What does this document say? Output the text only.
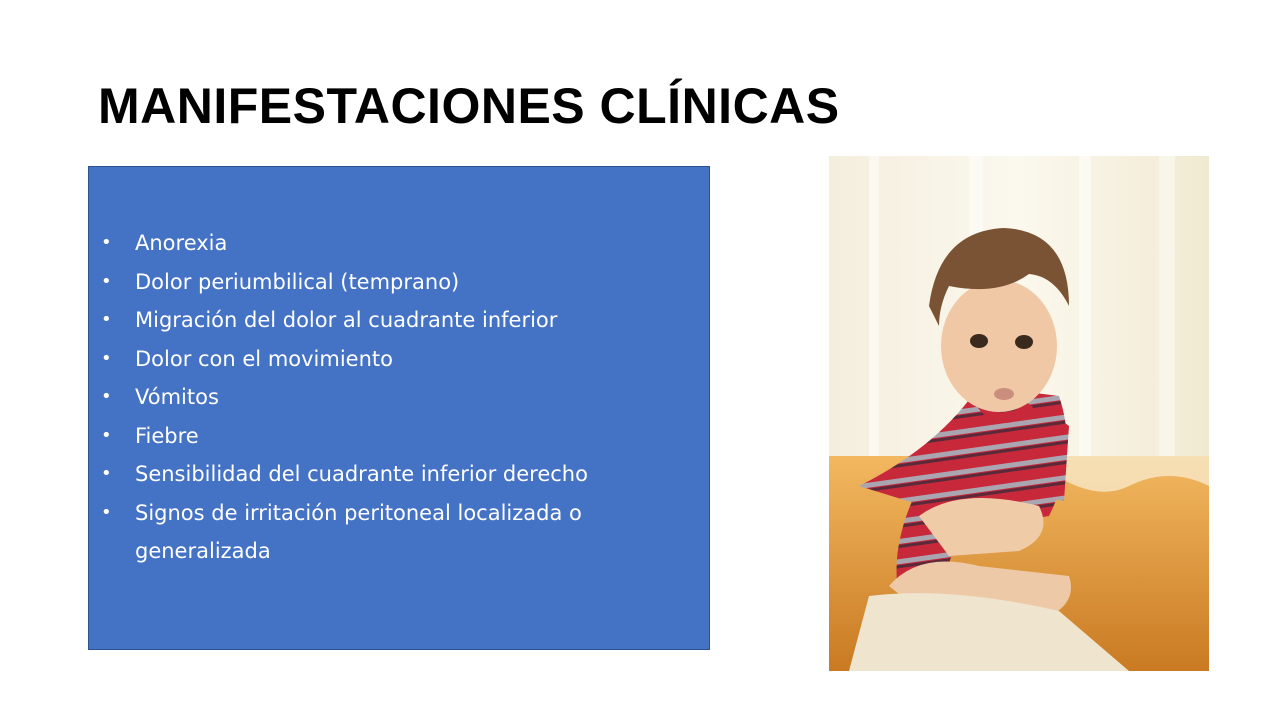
MANIFESTACIONES CLÍNICAS
• Anorexia
• Dolor periumbilical (temprano)
• Migración del dolor al cuadrante inferior
• Dolor con el movimiento
• Vómitos
• Fiebre
• Sensibilidad del cuadrante inferior derecho
• Signos de irritación peritoneal localizada o generalizada
